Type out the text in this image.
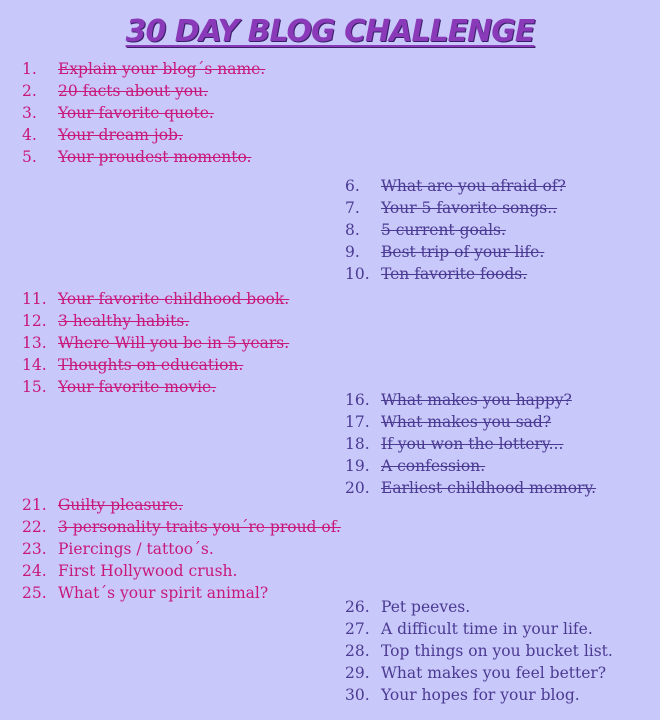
30 DAY BLOG CHALLENGE
1.	Explain your blog´s name.
2.	20 facts about you.
3.	Your favorite quote.
4.	Your dream job.
5.	Your proudest momento.
6.	What are you afraid of?
7.	Your 5 favorite songs..
8.	5 current goals.
9.	Best trip of your life.
10. Ten favorite foods.
11. Your favorite childhood book.
12. 3 healthy habits.
13. Where Will you be in 5 years.
14. Thoughts on education.
15. Your favorite movie.
16. What makes you happy?
17. What makes you sad?
18. If you won the lottery...
19. A confession.
20. Earliest childhood memory.
21. Guilty pleasure.
22. 3 personality traits you´re proud of.
23. Piercings / tattoo´s.
24. First Hollywood crush.
25. What´s your spirit animal?
26. Pet peeves.
27. A difficult time in your life.
28. Top things on you bucket list.
29. What makes you feel better?
30. Your hopes for your blog.
